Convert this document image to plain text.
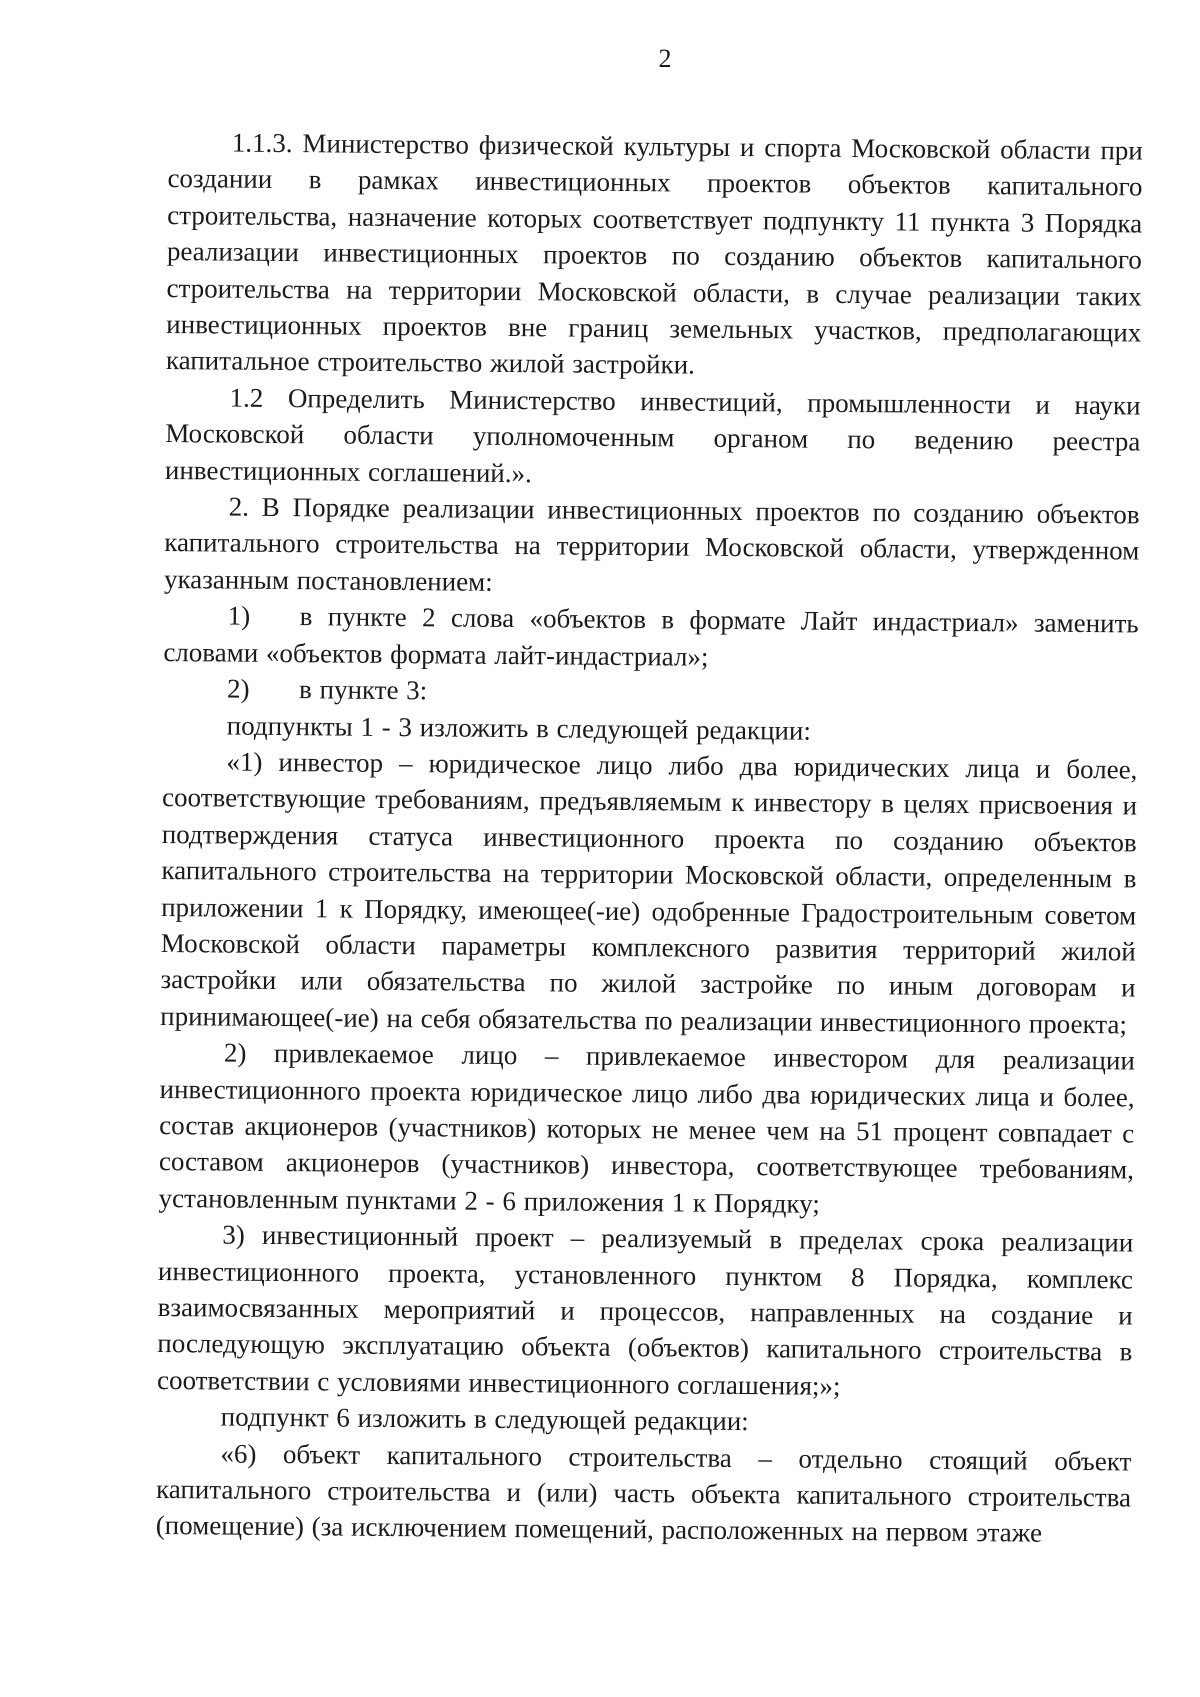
2

1.1.3. Министерство физической культуры и спорта Московской области при создании в рамках инвестиционных проектов объектов капитального строительства, назначение которых соответствует подпункту 11 пункта 3 Порядка реализации инвестиционных проектов по созданию объектов капитального строительства на территории Московской области, в случае реализации таких инвестиционных проектов вне границ земельных участков, предполагающих капитальное строительство жилой застройки.

1.2 Определить Министерство инвестиций, промышленности и науки Московской области уполномоченным органом по ведению реестра инвестиционных соглашений.».

2. В Порядке реализации инвестиционных проектов по созданию объектов капитального строительства на территории Московской области, утвержденном указанным постановлением:

1) в пункте 2 слова «объектов в формате Лайт индастриал» заменить словами «объектов формата лайт-индастриал»;
2) в пункте 3:

подпункты 1 - 3 изложить в следующей редакции:

«1) инвестор – юридическое лицо либо два юридических лица и более, соответствующие требованиям, предъявляемым к инвестору в целях присвоения и подтверждения статуса инвестиционного проекта по созданию объектов капитального строительства на территории Московской области, определенным в приложении 1 к Порядку, имеющее(-ие) одобренные Градостроительным советом Московской области параметры комплексного развития территорий жилой застройки или обязательства по жилой застройке по иным договорам и принимающее(-ие) на себя обязательства по реализации инвестиционного проекта;

2) привлекаемое лицо – привлекаемое инвестором для реализации инвестиционного проекта юридическое лицо либо два юридических лица и более, состав акционеров (участников) которых не менее чем на 51 процент совпадает с составом акционеров (участников) инвестора, соответствующее требованиям, установленным пунктами 2 - 6 приложения 1 к Порядку;

3) инвестиционный проект – реализуемый в пределах срока реализации инвестиционного проекта, установленного пунктом 8 Порядка, комплекс взаимосвязанных мероприятий и процессов, направленных на создание и последующую эксплуатацию объекта (объектов) капитального строительства в соответствии с условиями инвестиционного соглашения;»;

подпункт 6 изложить в следующей редакции:

«6) объект капитального строительства – отдельно стоящий объект капитального строительства и (или) часть объекта капитального строительства (помещение) (за исключением помещений, расположенных на первом этаже
